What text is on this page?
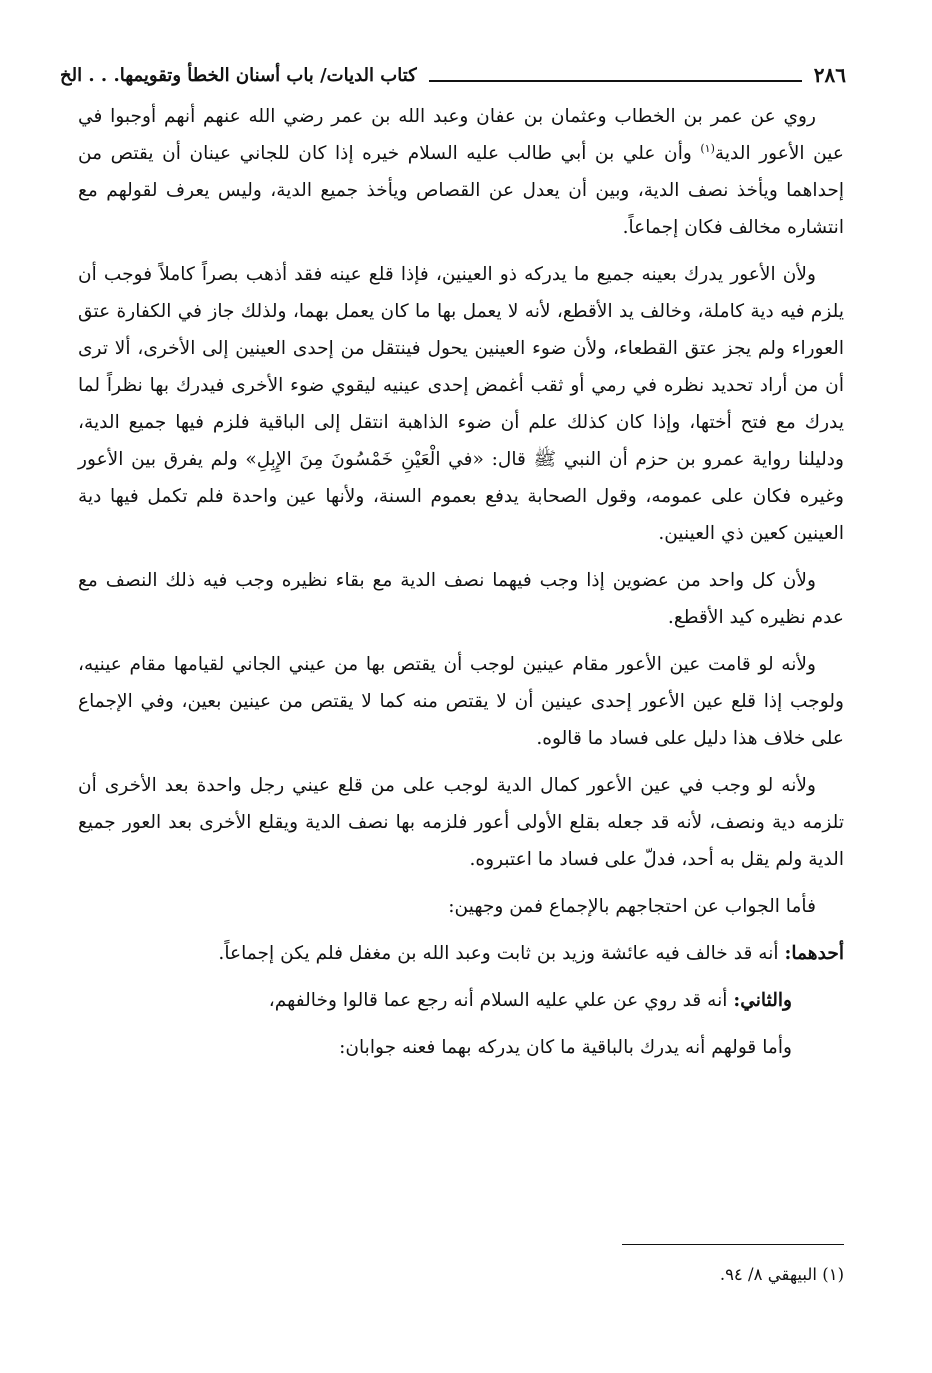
٢٨٦
كتاب الديات/ باب أسنان الخطأ وتقويمها. . . الخ

روي عن عمر بن الخطاب وعثمان بن عفان وعبد الله بن عمر رضي الله عنهم أنهم أوجبوا في عين الأعور الدية$^{(١)}$ وأن علي بن أبي طالب عليه السلام خيره إذا كان للجاني عينان أن يقتص من إحداهما ويأخذ نصف الدية، وبين أن يعدل عن القصاص ويأخذ جميع الدية، وليس يعرف لقولهم مع انتشاره مخالف فكان إجماعاً.

ولأن الأعور يدرك بعينه جميع ما يدركه ذو العينين، فإذا قلع عينه فقد أذهب بصراً كاملاً فوجب أن يلزم فيه دية كاملة، وخالف يد الأقطع، لأنه لا يعمل بها ما كان يعمل بهما، ولذلك جاز في الكفارة عتق العوراء ولم يجز عتق القطعاء، ولأن ضوء العينين يحول فينتقل من إحدى العينين إلى الأخرى، ألا ترى أن من أراد تحديد نظره في رمي أو ثقب أغمض إحدى عينيه ليقوي ضوء الأخرى فيدرك بها نظراً لما يدرك مع فتح أختها، وإذا كان كذلك علم أن ضوء الذاهبة انتقل إلى الباقية فلزم فيها جميع الدية، ودليلنا رواية عمرو بن حزم أن النبي ﷺ قال: «في الْعَيْنِ خَمْسُونَ مِنَ الإِبِلِ» ولم يفرق بين الأعور وغيره فكان على عمومه، وقول الصحابة يدفع بعموم السنة، ولأنها عين واحدة فلم تكمل فيها دية العينين كعين ذي العينين.

ولأن كل واحد من عضوين إذا وجب فيهما نصف الدية مع بقاء نظيره وجب فيه ذلك النصف مع عدم نظيره كيد الأقطع.

ولأنه لو قامت عين الأعور مقام عينين لوجب أن يقتص بها من عيني الجاني لقيامها مقام عينيه، ولوجب إذا قلع عين الأعور إحدى عينين أن لا يقتص منه كما لا يقتص من عينين بعين، وفي الإجماع على خلاف هذا دليل على فساد ما قالوه.

ولأنه لو وجب في عين الأعور كمال الدية لوجب على من قلع عيني رجل واحدة بعد الأخرى أن تلزمه دية ونصف، لأنه قد جعله بقلع الأولى أعور فلزمه بها نصف الدية ويقلع الأخرى بعد العور جميع الدية ولم يقل به أحد، فدلّ على فساد ما اعتبروه.

فأما الجواب عن احتجاجهم بالإجماع فمن وجهين:

أحدهما: أنه قد خالف فيه عائشة وزيد بن ثابت وعبد الله بن مغفل فلم يكن إجماعاً.

والثاني: أنه قد روي عن علي عليه السلام أنه رجع عما قالوا وخالفهم،

وأما قولهم أنه يدرك بالباقية ما كان يدركه بهما فعنه جوابان:

(١) البيهقي ٨/ ٩٤.
